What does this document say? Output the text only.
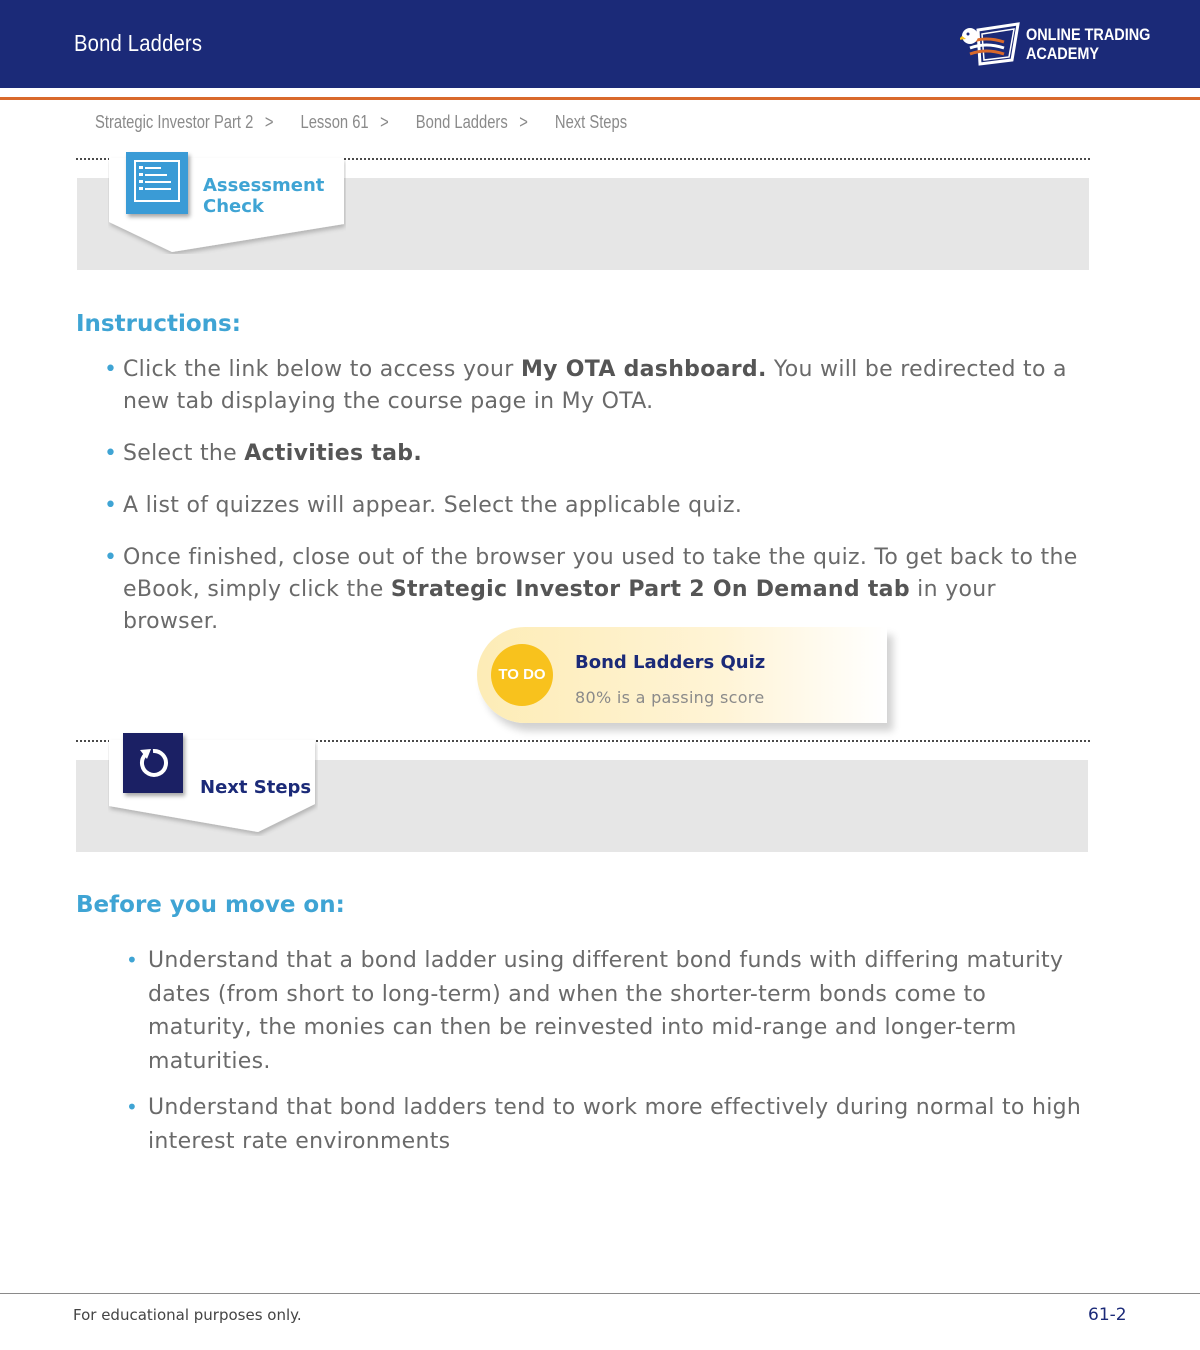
Bond Ladders	ONLINE TRADING
ACADEMY
Strategic Investor Part 2 > Lesson 61 > Bond Ladders > Next Steps
Assessment
Check
Instructions:
• Click the link below to access your My OTA dashboard. You will be redirected to a new tab displaying the course page in My OTA.
• Select the Activities tab.
• A list of quizzes will appear. Select the applicable quiz.
• Once finished, close out of the browser you used to take the quiz. To get back to the eBook, simply click the Strategic Investor Part 2 On Demand tab in your browser.
TO DO
Bond Ladders Quiz
80% is a passing score
Next Steps
Before you move on:
• Understand that a bond ladder using different bond funds with differing maturity dates (from short to long-term) and when the shorter-term bonds come to maturity, the monies can then be reinvested into mid-range and longer-term maturities.
• Understand that bond ladders tend to work more effectively during normal to high interest rate environments
For educational purposes only.	61-2
